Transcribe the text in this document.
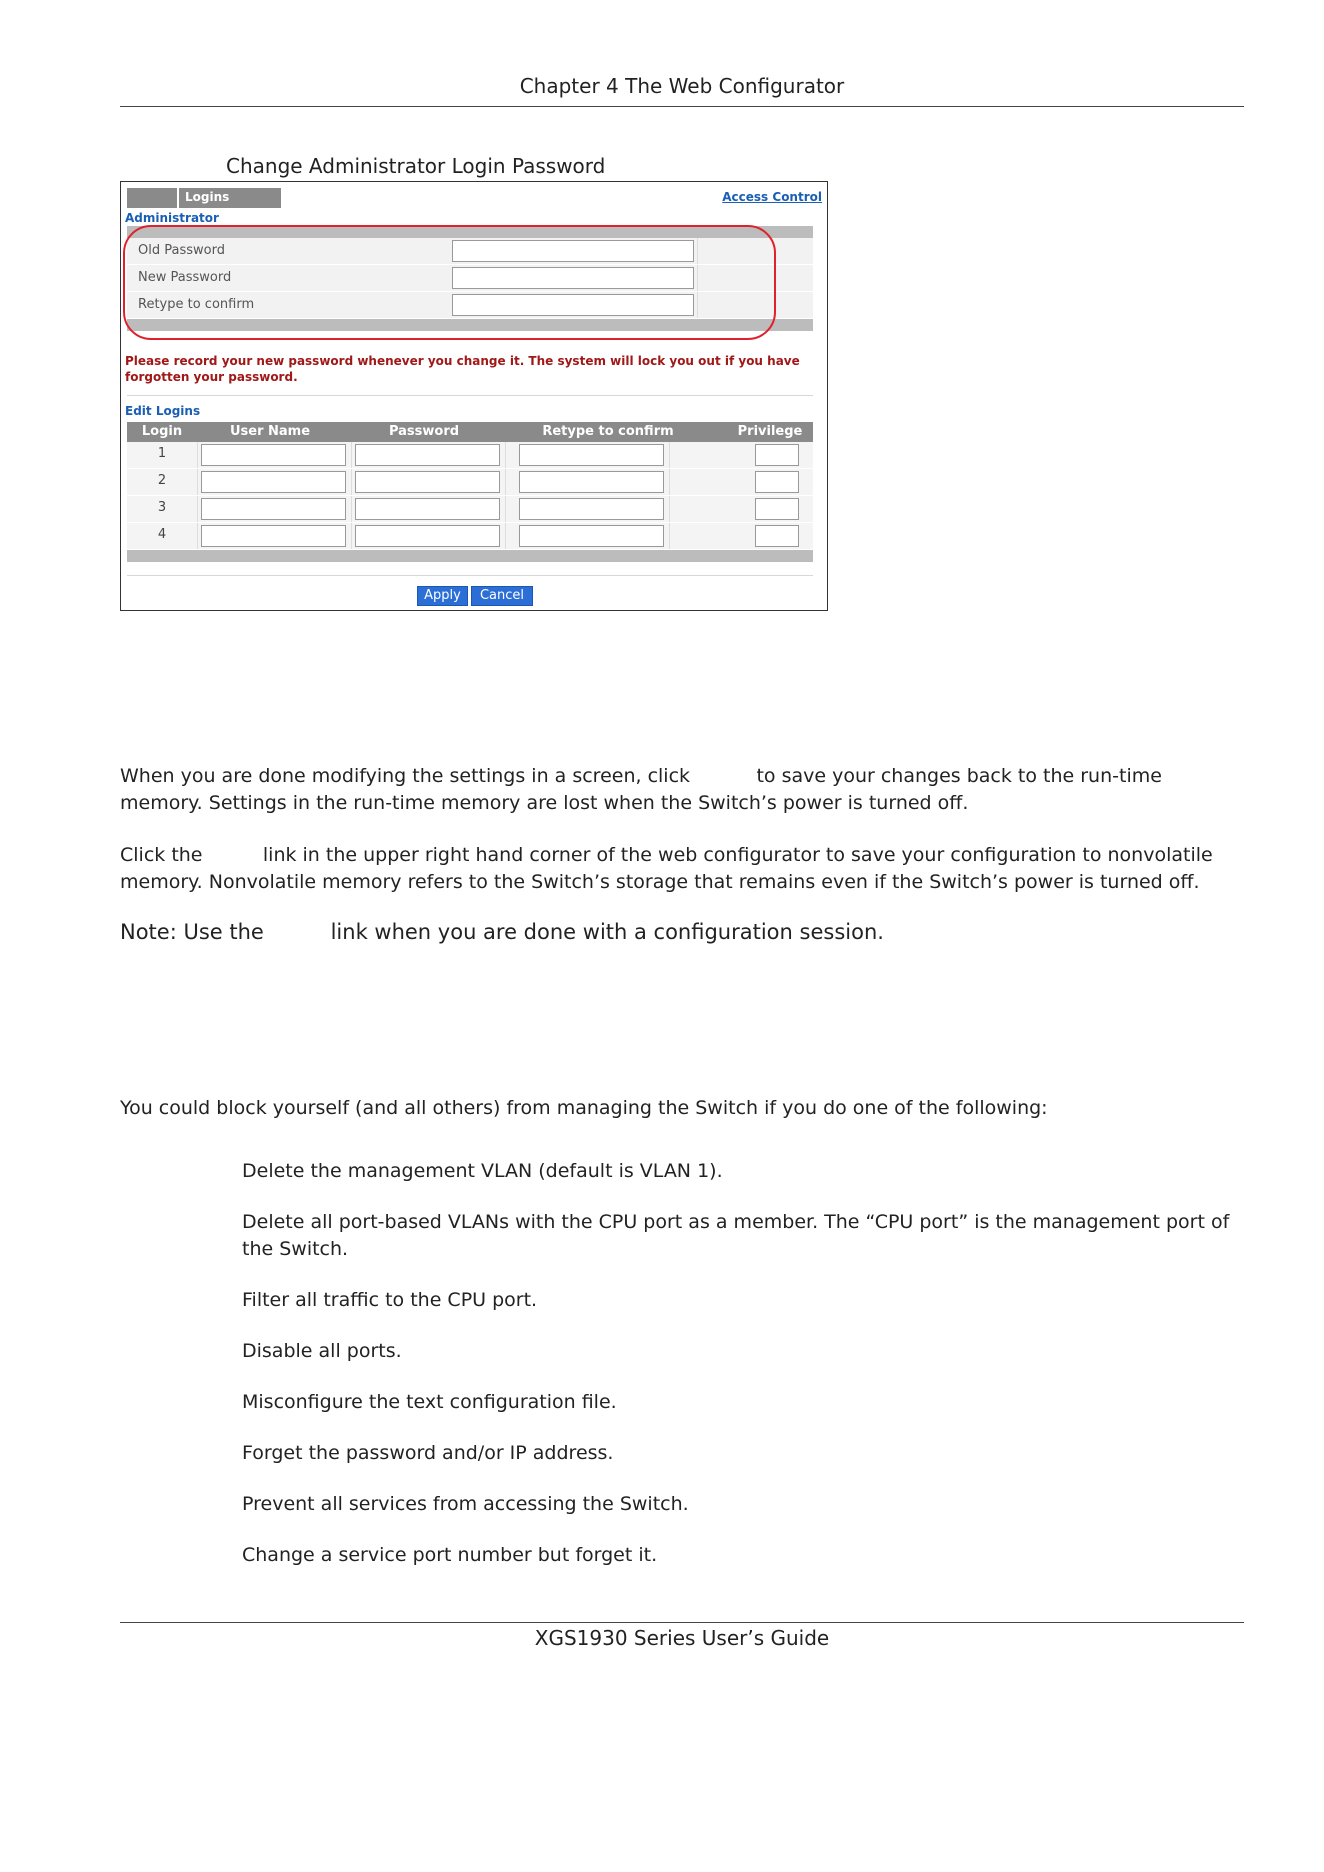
Chapter 4 The Web Configurator
Change Administrator Login Password
Logins	Access Control
Administrator
Old Password
New Password
Retype to confirm
Please record your new password whenever you change it. The system will lock you out if you have forgotten your password.
Edit Logins
Login	User Name	Password	Retype to confirm	Privilege
1
2
3
4
Apply	Cancel
When you are done modifying the settings in a screen, click           to save your changes back to the run-time
memory. Settings in the run-time memory are lost when the Switch’s power is turned off.
Click the          link in the upper right hand corner of the web configurator to save your configuration to nonvolatile
memory. Nonvolatile memory refers to the Switch’s storage that remains even if the Switch’s power is turned off.
Note: Use the          link when you are done with a configuration session.
You could block yourself (and all others) from managing the Switch if you do one of the following:
Delete the management VLAN (default is VLAN 1).
Delete all port-based VLANs with the CPU port as a member. The “CPU port” is the management port of the Switch.
Filter all traffic to the CPU port.
Disable all ports.
Misconfigure the text configuration file.
Forget the password and/or IP address.
Prevent all services from accessing the Switch.
Change a service port number but forget it.
XGS1930 Series User’s Guide
